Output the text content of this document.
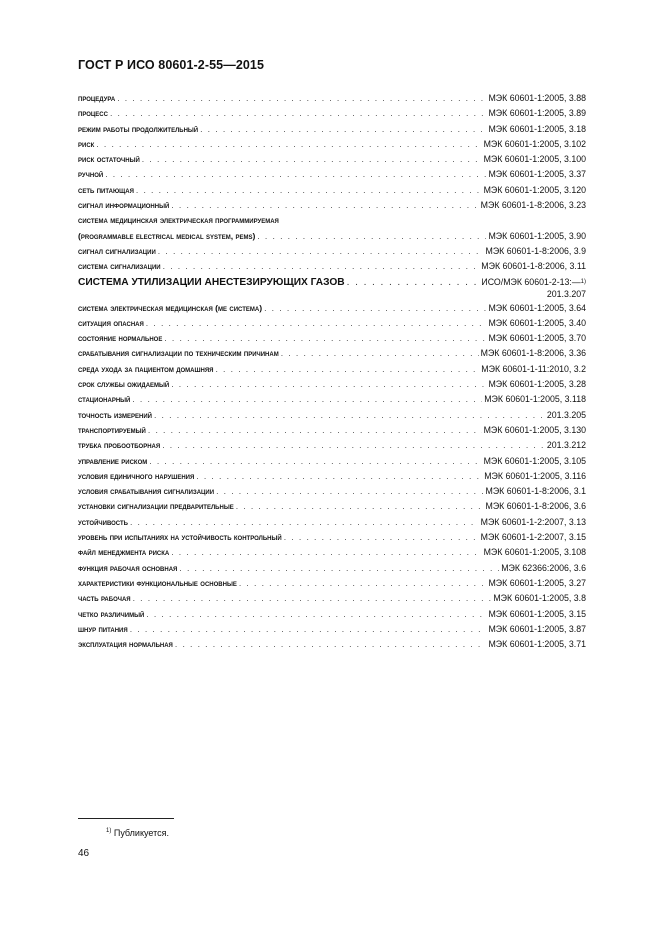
ГОСТ Р ИСО 80601-2-55—2015
процедура . . .	МЭК 60601-1:2005, 3.88
процесс . . .	МЭК 60601-1:2005, 3.89
режим работы продолжительный . . .	МЭК 60601-1:2005, 3.18
риск . . .	МЭК 60601-1:2005, 3.102
риск остаточный . . .	МЭК 60601-1:2005, 3.100
ручной . . .	МЭК 60601-1:2005, 3.37
сеть питающая . . .	МЭК 60601-1:2005, 3.120
сигнал информационный . . .	МЭК 60601-1-8:2006, 3.23
система медицинская электрическая программируемая
(programmable electrical medical system, pems) . . .	МЭК 60601-1:2005, 3.90
сигнал сигнализации . . .	МЭК 60601-1-8:2006, 3.9
система сигнализации . . .	МЭК 60601-1-8:2006, 3.11
СИСТЕМА УТИЛИЗАЦИИ АНЕСТЕЗИРУЮЩИХ ГАЗОВ . . .	ИСО/МЭК 60601-2-13:—$^{1)}$
201.3.207
система электрическая медицинская (me система) . . .	МЭК 60601-1:2005, 3.64
ситуация опасная . . .	МЭК 60601-1:2005, 3.40
состояние нормальное . . .	МЭК 60601-1:2005, 3.70
срабатывания сигнализации по техническим причинам . . .	МЭК 60601-1-8:2006, 3.36
среда ухода за пациентом домашняя . . .	МЭК 60601-1-11:2010, 3.2
срок службы ожидаемый . . .	МЭК 60601-1:2005, 3.28
стационарный . . .	МЭК 60601-1:2005, 3.118
точность измерений . . .	201.3.205
транспортируемый . . .	МЭК 60601-1:2005, 3.130
трубка пробоотборная . . .	201.3.212
управление риском . . .	МЭК 60601-1:2005, 3.105
условия единичного нарушения . . .	МЭК 60601-1:2005, 3.116
условия срабатывания сигнализации . . .	МЭК 60601-1-8:2006, 3.1
установки сигнализации предварительные . . .	МЭК 60601-1-8:2006, 3.6
устойчивость . . .	МЭК 60601-1-2:2007, 3.13
уровень при испытаниях на устойчивость контрольный . . .	МЭК 60601-1-2:2007, 3.15
файл менеджмента риска . . .	МЭК 60601-1:2005, 3.108
функция рабочая основная . . .	МЭК 62366:2006, 3.6
характеристики функциональные основные . . .	МЭК 60601-1:2005, 3.27
часть рабочая . . .	МЭК 60601-1:2005, 3.8
четко различимый . . .	МЭК 60601-1:2005, 3.15
шнур питания . . .	МЭК 60601-1:2005, 3.87
эксплуатация нормальная . . .	МЭК 60601-1:2005, 3.71
$^{1)}$ Публикуется.
46
